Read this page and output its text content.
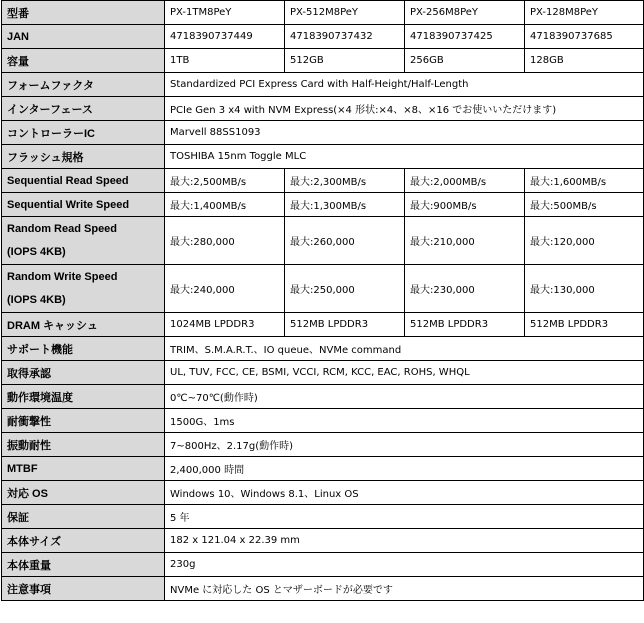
型番	PX-1TM8PeY	PX-512M8PeY	PX-256M8PeY	PX-128M8PeY
JAN	4718390737449	4718390737432	4718390737425	4718390737685
容量	1TB	512GB	256GB	128GB
フォームファクタ	Standardized PCI Express Card with Half-Height/Half-Length			
インターフェース	PCIe Gen 3 x4 with NVM Express(×4 形状:×4、×8、×16 でお使いいただけます)			
コントローラーIC	Marvell 88SS1093			
フラッシュ規格	TOSHIBA 15nm Toggle MLC			
Sequential Read Speed	最大:2,500MB/s	最大:2,300MB/s	最大:2,000MB/s	最大:1,600MB/s
Sequential Write Speed	最大:1,400MB/s	最大:1,300MB/s	最大:900MB/s	最大:500MB/s

Random Read Speed
(IOPS 4KB)	最大:280,000	最大:260,000	最大:210,000	最大:120,000

Random Write Speed
(IOPS 4KB)	最大:240,000	最大:250,000	最大:230,000	最大:130,000
DRAM キャッシュ	1024MB LPDDR3	512MB LPDDR3	512MB LPDDR3	512MB LPDDR3
サポート機能	TRIM、S.M.A.R.T.、IO queue、NVMe command			
取得承認	UL, TUV, FCC, CE, BSMI, VCCI, RCM, KCC, EAC, ROHS, WHQL			
動作環境温度	0℃~70℃(動作時)			
耐衝撃性	1500G、1ms			
振動耐性	7~800Hz、2.17g(動作時)			
MTBF	2,400,000 時間			
対応 OS	Windows 10、Windows 8.1、Linux OS			
保証	5 年			
本体サイズ	182 x 121.04 x 22.39 mm			
本体重量	230g			
注意事項	NVMe に対応した OS とマザーボードが必要です			
